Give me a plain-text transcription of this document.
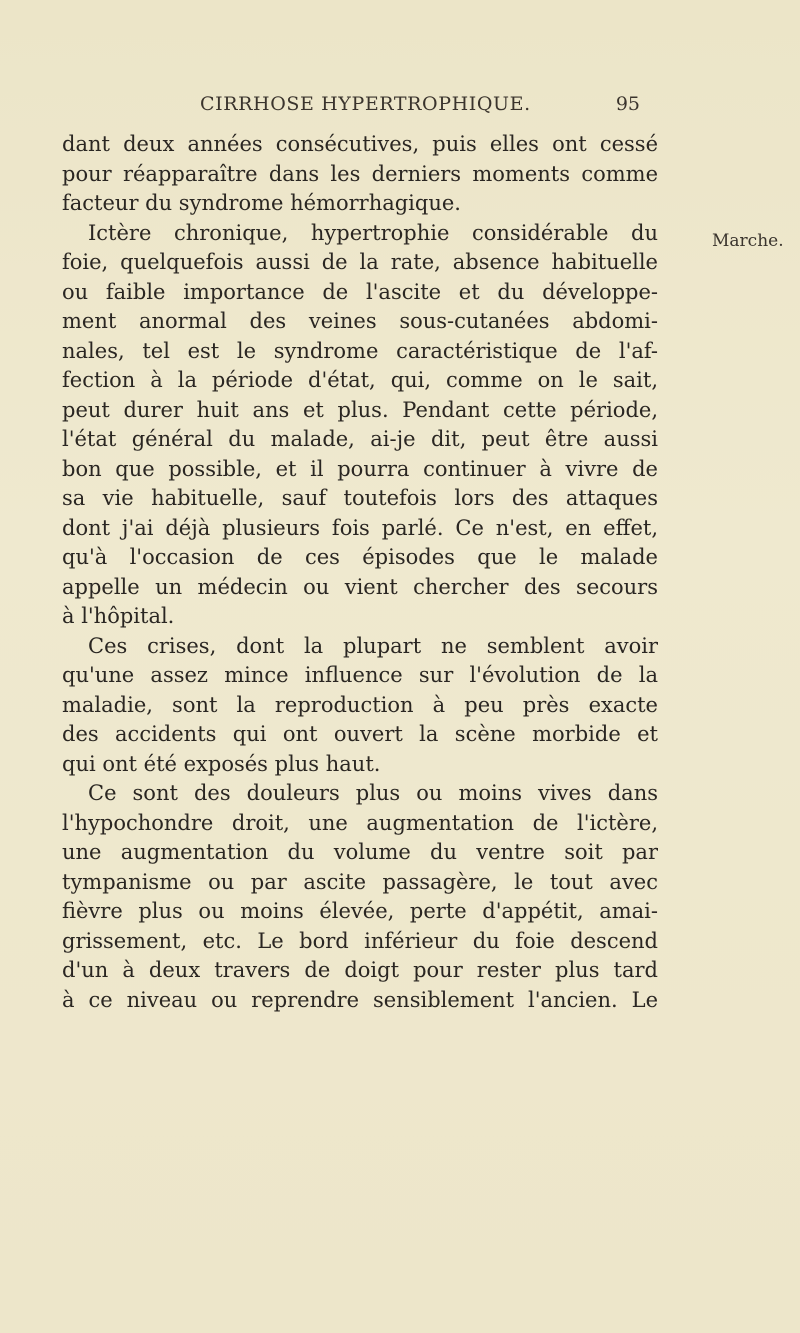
CIRRHOSE HYPERTROPHIQUE.	95
Marche.
dant deux années consécutives, puis elles ont cessé
pour réapparaître dans les derniers moments comme
facteur du syndrome hémorrhagique.
Ictère chronique, hypertrophie considérable du
foie, quelquefois aussi de la rate, absence habituelle
ou faible importance de l'ascite et du développe-
ment anormal des veines sous-cutanées abdomi-
nales, tel est le syndrome caractéristique de l'af-
fection à la période d'état, qui, comme on le sait,
peut durer huit ans et plus. Pendant cette période,
l'état général du malade, ai-je dit, peut être aussi
bon que possible, et il pourra continuer à vivre de
sa vie habituelle, sauf toutefois lors des attaques
dont j'ai déjà plusieurs fois parlé. Ce n'est, en effet,
qu'à l'occasion de ces épisodes que le malade
appelle un médecin ou vient chercher des secours
à l'hôpital.
Ces crises, dont la plupart ne semblent avoir
qu'une assez mince influence sur l'évolution de la
maladie, sont la reproduction à peu près exacte
des accidents qui ont ouvert la scène morbide et
qui ont été exposés plus haut.
Ce sont des douleurs plus ou moins vives dans
l'hypochondre droit, une augmentation de l'ictère,
une augmentation du volume du ventre soit par
tympanisme ou par ascite passagère, le tout avec
fièvre plus ou moins élevée, perte d'appétit, amai-
grissement, etc. Le bord inférieur du foie descend
d'un à deux travers de doigt pour rester plus tard
à ce niveau ou reprendre sensiblement l'ancien. Le
